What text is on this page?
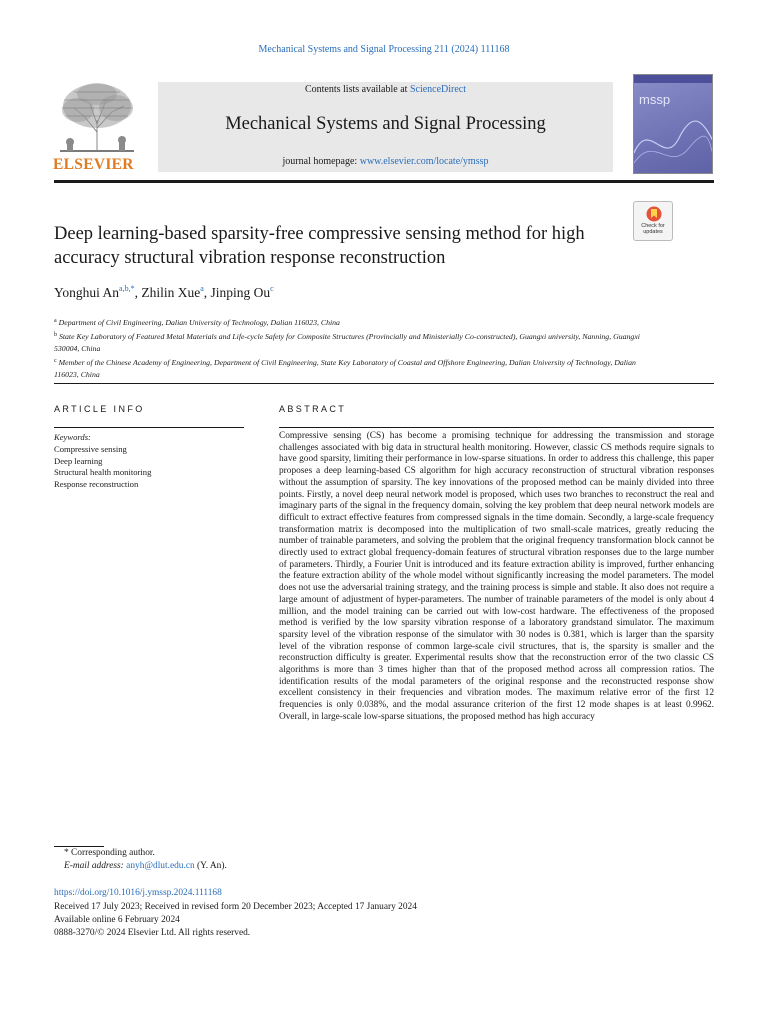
Mechanical Systems and Signal Processing 211 (2024) 111168
ELSEVIER
Contents lists available at ScienceDirect
Mechanical Systems and Signal Processing
journal homepage: www.elsevier.com/locate/ymssp
mssp
Check for updates
Deep learning-based sparsity-free compressive sensing method for high accuracy structural vibration response reconstruction
Yonghui $An^{a,b,*}$, Zhilin Xue$^a$, Jinping Ou$^c$
$^a$ Department of Civil Engineering, Dalian University of Technology, Dalian 116023, China
$^b$ State Key Laboratory of Featured Metal Materials and Life-cycle Safety for Composite Structures (Provincially and Ministerially Co-constructed), Guangxi university, Nanning, Guangxi 530004, China
$^c$ Member of the Chinese Academy of Engineering, Department of Civil Engineering, State Key Laboratory of Coastal and Offshore Engineering, Dalian University of Technology, Dalian 116023, China
ARTICLE INFO	ABSTRACT
Keywords:
Compressive sensing
Deep learning
Structural health monitoring
Response reconstruction

Compressive sensing (CS) has become a promising technique for addressing the transmission and storage challenges associated with big data in structural health monitoring. However, classic CS methods require signals to have good sparsity, limiting their performance in low-sparse situations. In order to address this challenge, this paper proposes a deep learning-based CS algorithm for high accuracy reconstruction of structural vibration responses without the assumption of sparsity. The key innovations of the proposed method can be mainly divided into three points. Firstly, a novel deep neural network model is proposed, which uses two branches to reconstruct the real and imaginary parts of the signal in the frequency domain, solving the key problem that deep neural network models are difficult to extract effective features from compressed signals in the time domain. Secondly, a large-scale frequency transformation matrix is decomposed into the multiplication of two small-scale matrices, greatly reducing the number of trainable parameters, and solving the problem that the original frequency transformation block cannot be directly used to extract global frequency-domain features of structural vibration responses due to the large number of parameters. Thirdly, a Fourier Unit is introduced and its feature extraction ability is improved, further enhancing the feature extraction ability of the whole model without significantly increasing the model parameters. The model does not use the adversarial training strategy, and the training process is simple and stable. It also does not require a large amount of adjustment of hyper-parameters. The number of trainable parameters of the model is only about 4 million, and the model training can be carried out with low-cost hardware. The effectiveness of the proposed method is verified by the low sparsity vibration response of a laboratory grandstand simulator. The maximum sparsity level of the vibration response of the simulator with 30 nodes is 0.381, which is larger than the sparsity level of the vibration response of common large-scale civil structures, that is, the sparsity is smaller and the reconstruction difficulty is greater. Experimental results show that the reconstruction error of the two classic CS algorithms is more than 3 times higher than that of the proposed method across all compression ratios. The identification results of the modal parameters of the original response and the reconstructed response show excellent consistency in their frequencies and vibration modes. The maximum relative error of the first 12 frequencies is only 0.038%, and the modal assurance criterion of the first 12 mode shapes is at least 0.9962. Overall, in large-scale low-sparse situations, the proposed method has high accuracy

* Corresponding author.
E-mail address: anyh@dlut.edu.cn (Y. An).
https://doi.org/10.1016/j.ymssp.2024.111168
Received 17 July 2023; Received in revised form 20 December 2023; Accepted 17 January 2024
Available online 6 February 2024
0888-3270/© 2024 Elsevier Ltd. All rights reserved.
